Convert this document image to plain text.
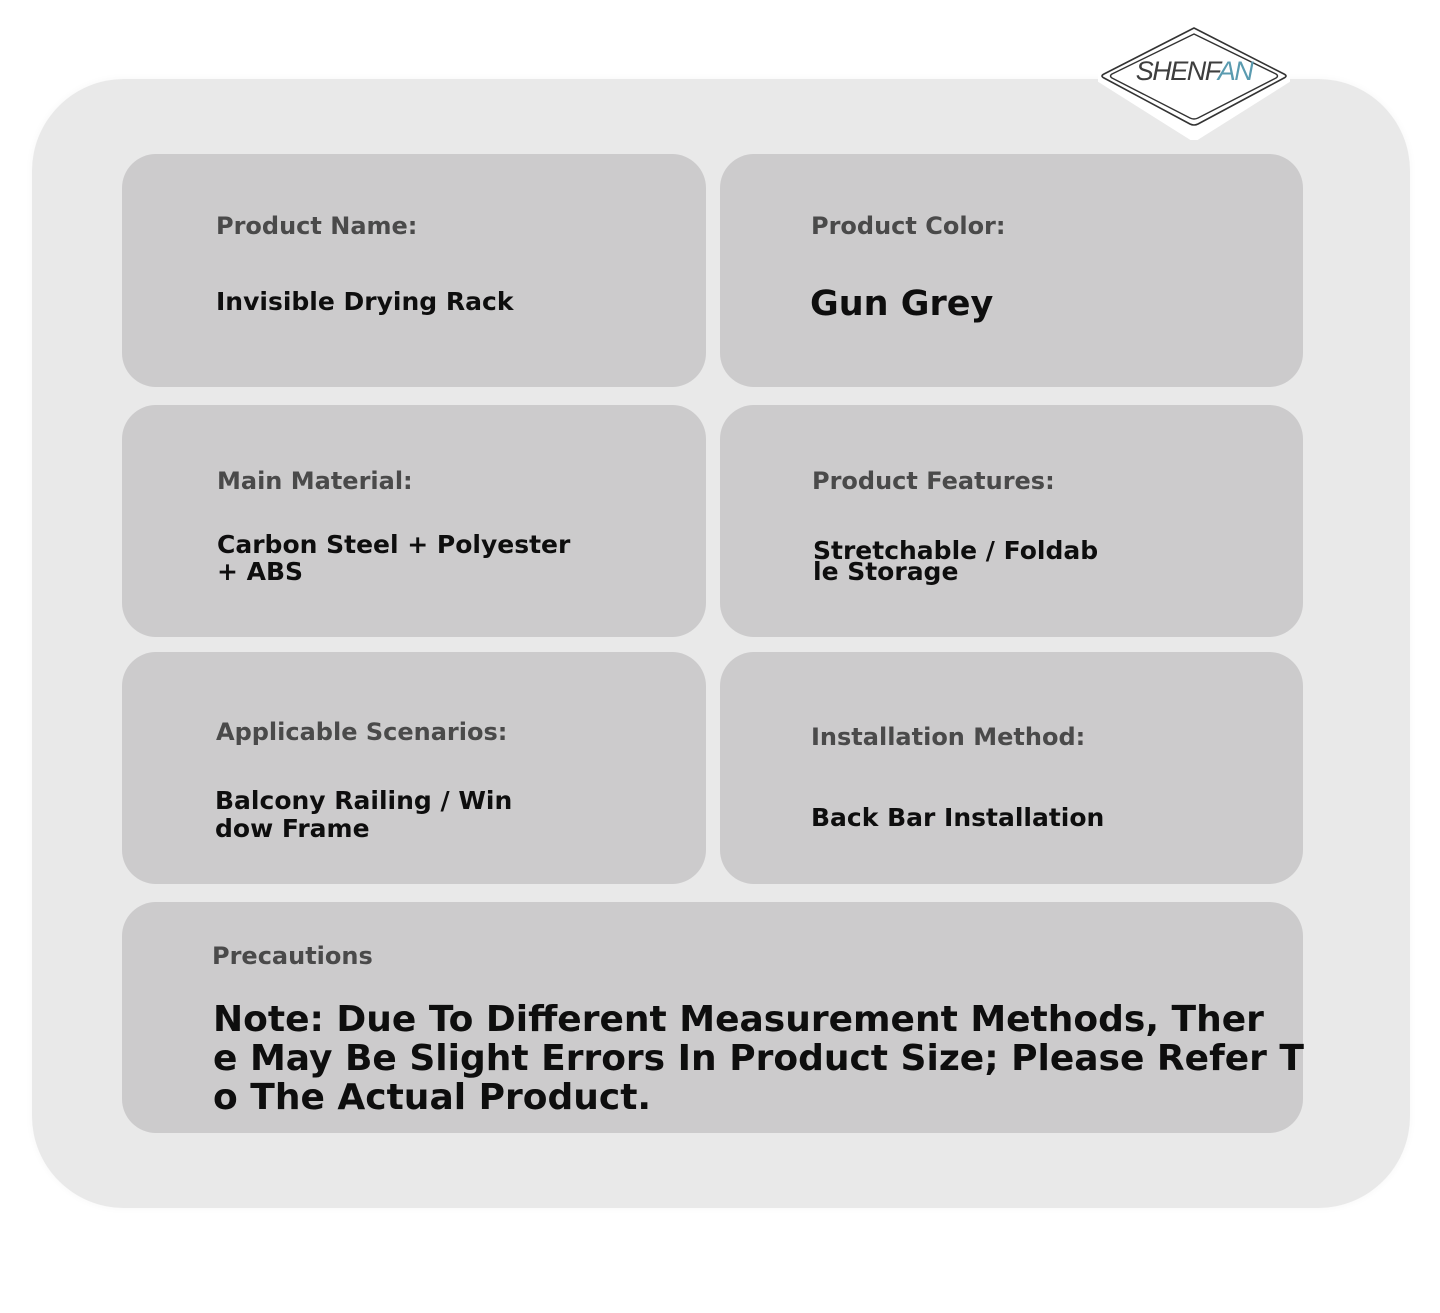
SHENFAN
Product Name:
Invisible Drying Rack
Product Color:
Gun Grey
Main Material:
Carbon Steel + Polyester
+ ABS
Product Features:
Stretchable / Foldab
le Storage
Applicable Scenarios:
Balcony Railing / Win
dow Frame
Installation Method:
Back Bar Installation
Precautions
Note: Due To Different Measurement Methods, Ther
e May Be Slight Errors In Product Size; Please Refer T
o The Actual Product.
